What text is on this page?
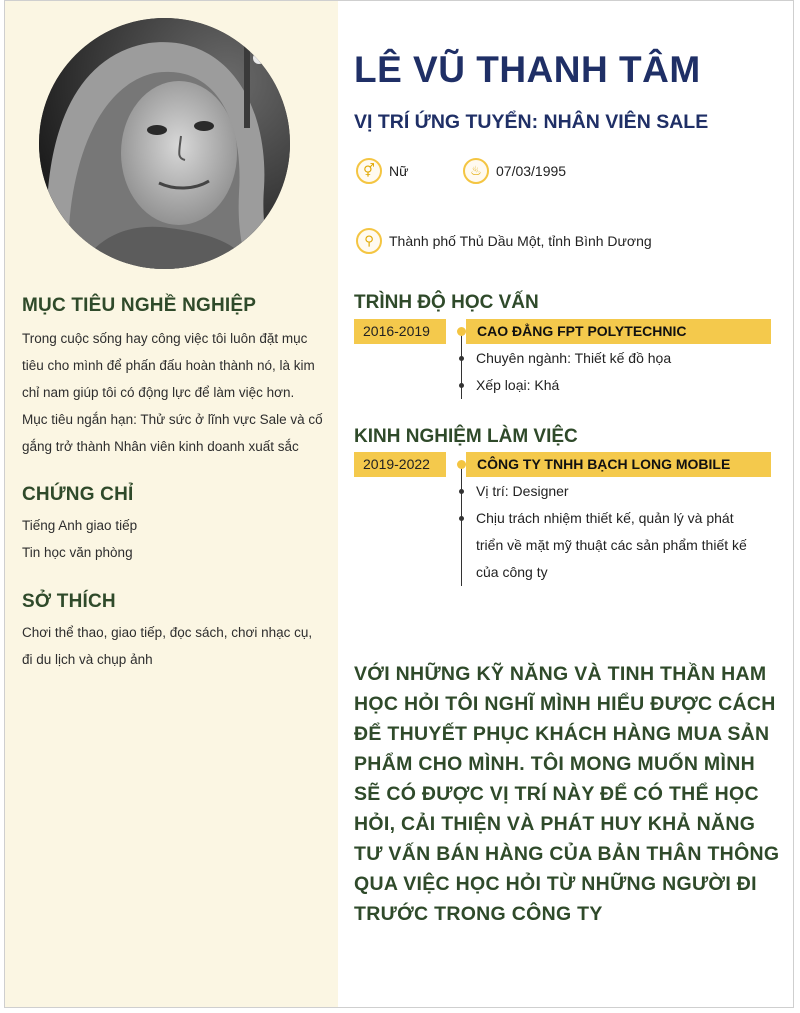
MỤC TIÊU NGHỀ NGHIỆP
Trong cuộc sống hay công việc tôi luôn đặt mục
tiêu cho mình để phấn đấu hoàn thành nó, là kim
chỉ nam giúp tôi có động lực để làm việc hơn.
Mục tiêu ngắn hạn: Thử sức ở lĩnh vực Sale và cố
gắng trở thành Nhân viên kinh doanh xuất sắc
CHỨNG CHỈ
Tiếng Anh giao tiếp
Tin học văn phòng
SỞ THÍCH
Chơi thể thao, giao tiếp, đọc sách, chơi nhạc cụ,
đi du lịch và chụp ảnh
LÊ VŨ THANH TÂM
VỊ TRÍ ỨNG TUYỂN: NHÂN VIÊN SALE
⚥	Nữ	♨	07/03/1995
⚲	Thành phố Thủ Dầu Một, tỉnh Bình Dương
TRÌNH ĐỘ HỌC VẤN
2016-2019	CAO ĐẲNG FPT POLYTECHNIC
Chuyên ngành: Thiết kế đồ họa
Xếp loại: Khá
KINH NGHIỆM LÀM VIỆC
2019-2022	CÔNG TY TNHH BẠCH LONG MOBILE
Vị trí: Designer
Chịu trách nhiệm thiết kế, quản lý và phát
triển về mặt mỹ thuật các sản phẩm thiết kế
của công ty
VỚI NHỮNG KỸ NĂNG VÀ TINH THẦN HAM HỌC HỎI TÔI NGHĨ MÌNH HIỂU ĐƯỢC CÁCH ĐỂ THUYẾT PHỤC KHÁCH HÀNG MUA SẢN PHẨM CHO MÌNH. TÔI MONG MUỐN MÌNH SẼ CÓ ĐƯỢC VỊ TRÍ NÀY ĐỂ CÓ THỂ HỌC HỎI, CẢI THIỆN VÀ PHÁT HUY KHẢ NĂNG TƯ VẤN BÁN HÀNG CỦA BẢN THÂN THÔNG QUA VIỆC HỌC HỎI TỪ NHỮNG NGƯỜI ĐI TRƯỚC TRONG CÔNG TY
